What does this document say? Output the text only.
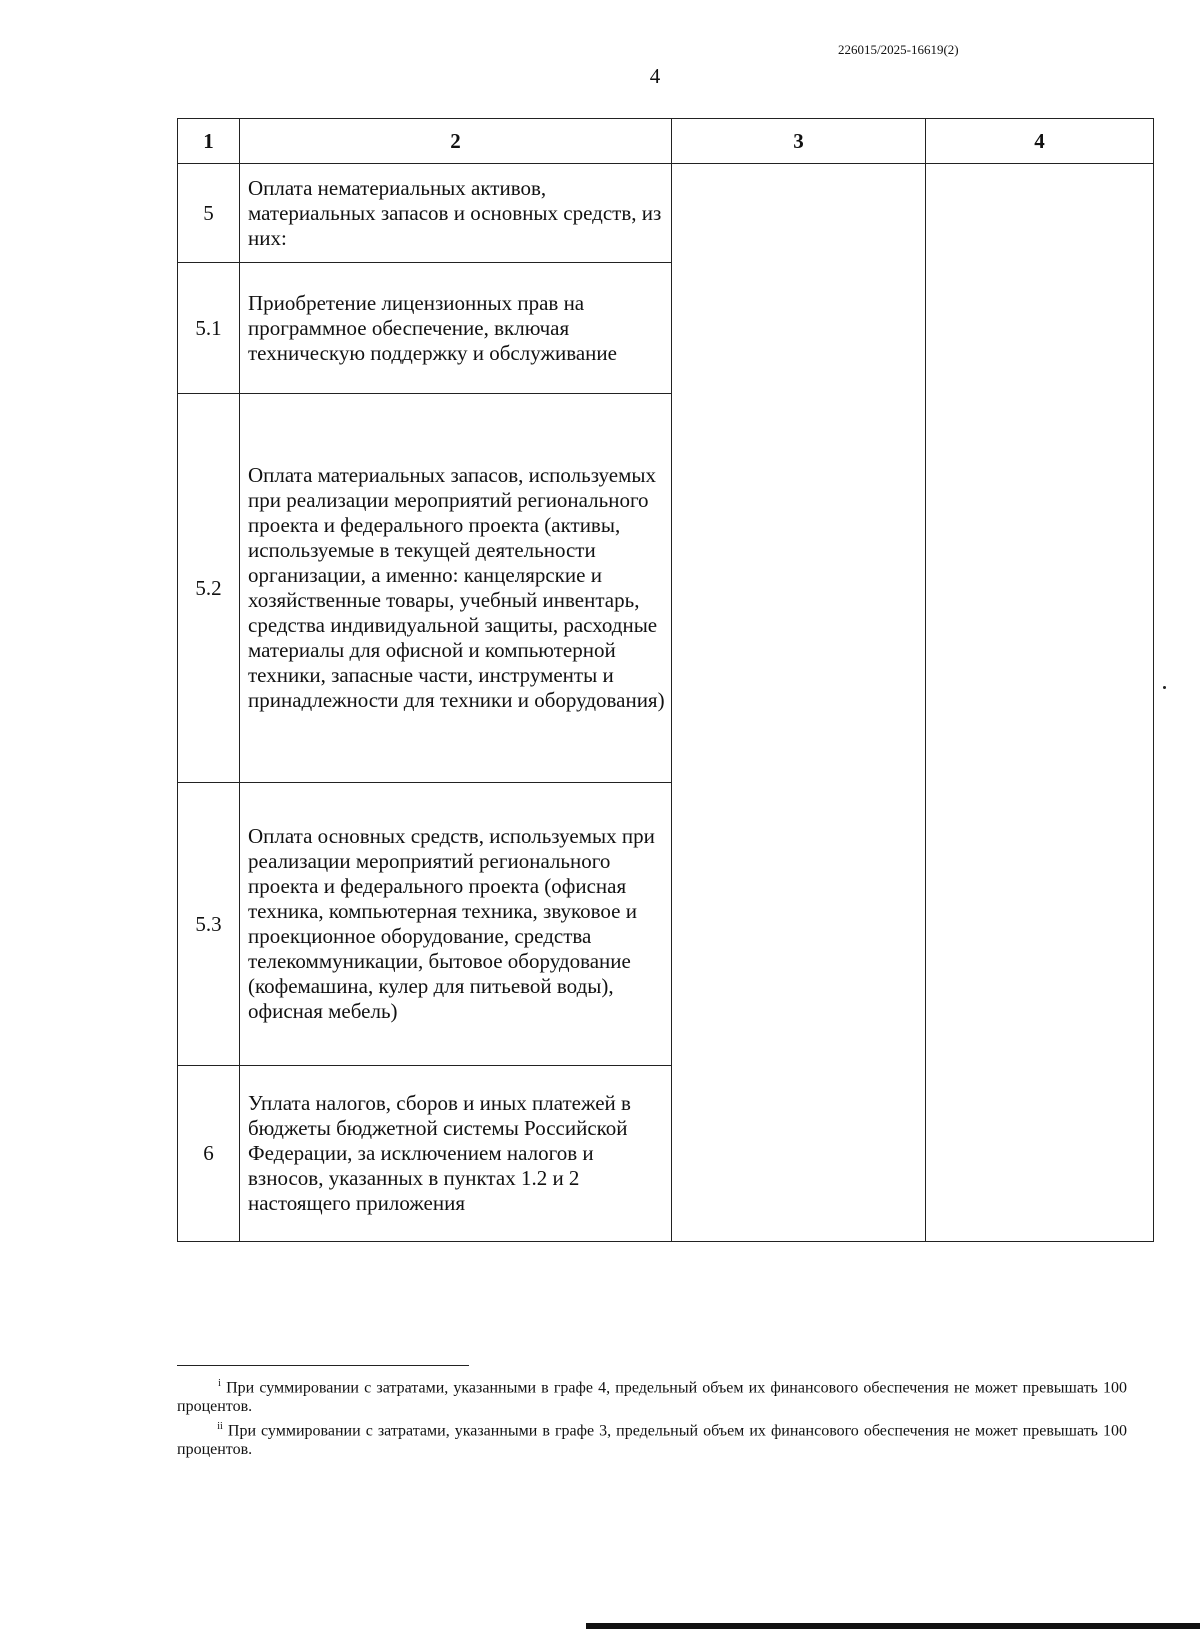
226015/2025-16619(2)
4
1	2	3	4
5	Оплата нематериальных активов, материальных запасов и основных средств, из них:		
5.1	Приобретение лицензионных прав на программное обеспечение, включая техническую поддержку и обслуживание		
5.2	Оплата материальных запасов, используемых при реализации мероприятий регионального проекта и федерального проекта (активы, используемые в текущей деятельности организации, а именно: канцелярские и хозяйственные товары, учебный инвентарь, средства индивидуальной защиты, расходные материалы для офисной и компьютерной техники, запасные части, инструменты и принадлежности для техники и оборудования)		
5.3	Оплата основных средств, используемых при реализации мероприятий регионального проекта и федерального проекта (офисная техника, компьютерная техника, звуковое и проекционное оборудование, средства телекоммуникации, бытовое оборудование (кофемашина, кулер для питьевой воды), офисная мебель)		
6	Уплата налогов, сборов и иных платежей в бюджеты бюджетной системы Российской Федерации, за исключением налогов и взносов, указанных в пунктах 1.2 и 2 настоящего приложения		
$^i$ При суммировании с затратами, указанными в графе 4, предельный объем их финансового обеспечения не может превышать 100 процентов.
$^{ii}$ При суммировании с затратами, указанными в графе 3, предельный объем их финансового обеспечения не может превышать 100 процентов.
